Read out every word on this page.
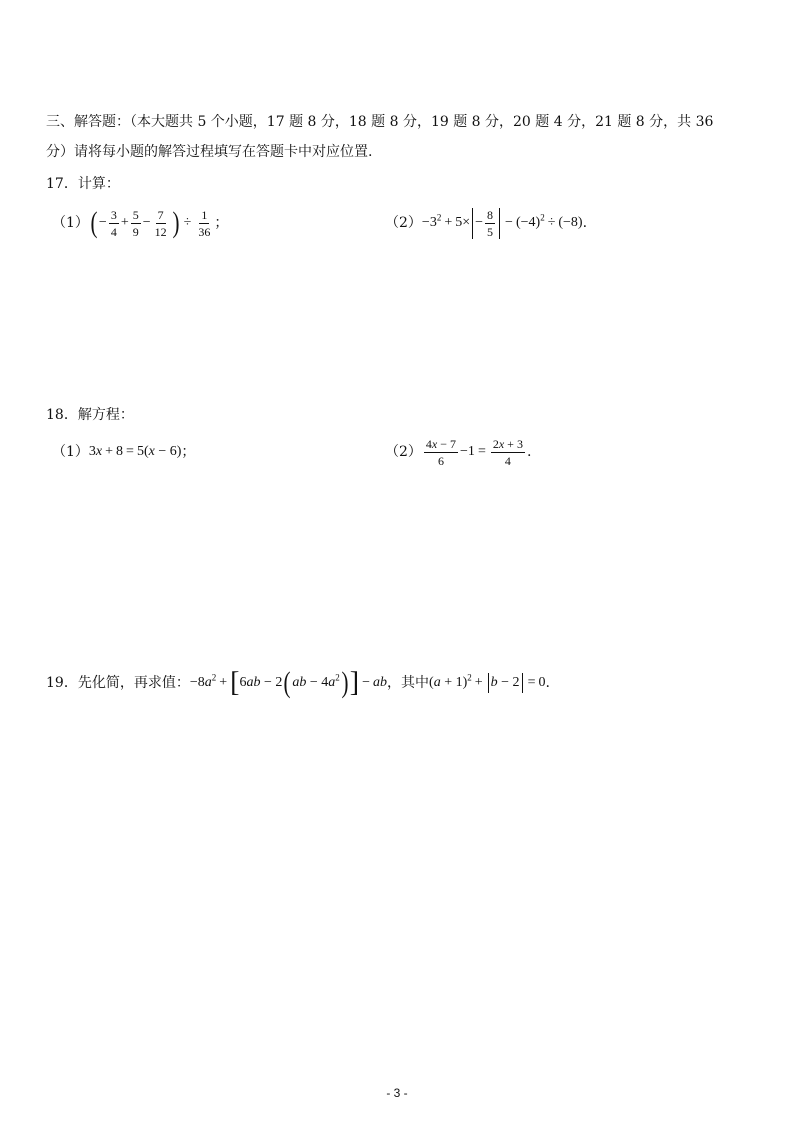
三、解答题：（本大题共 5 个小题，17 题 8 分，18 题 8 分，19 题 8 分，20 题 4 分，21 题 8 分，共 36
分）请将每小题的解答过程填写在答题卡中对应位置.
17．计算：
（1） ( − $\frac{3}{4} + \frac{5}{9} - \frac{7}{12}$ ) ÷ $\frac{1}{36}$ ；	$(2) -3^2 + 5\times - \frac{8}{5} - (-4)^2 \div (-8)$ .
18．解方程：
（1） 3x + 8 = 5(x − 6) ；	$(2) \frac{4x - 7}{6} -1 = \frac{2x + 3}{4}$ .
19．先化简，再求值： $-8a^2$ + [ 6ab − 2 ( ab − $4a^2$ ) ] − ab ，其中 $(a + 1)^2 + b - 2 = 0$ .
- 3 -
